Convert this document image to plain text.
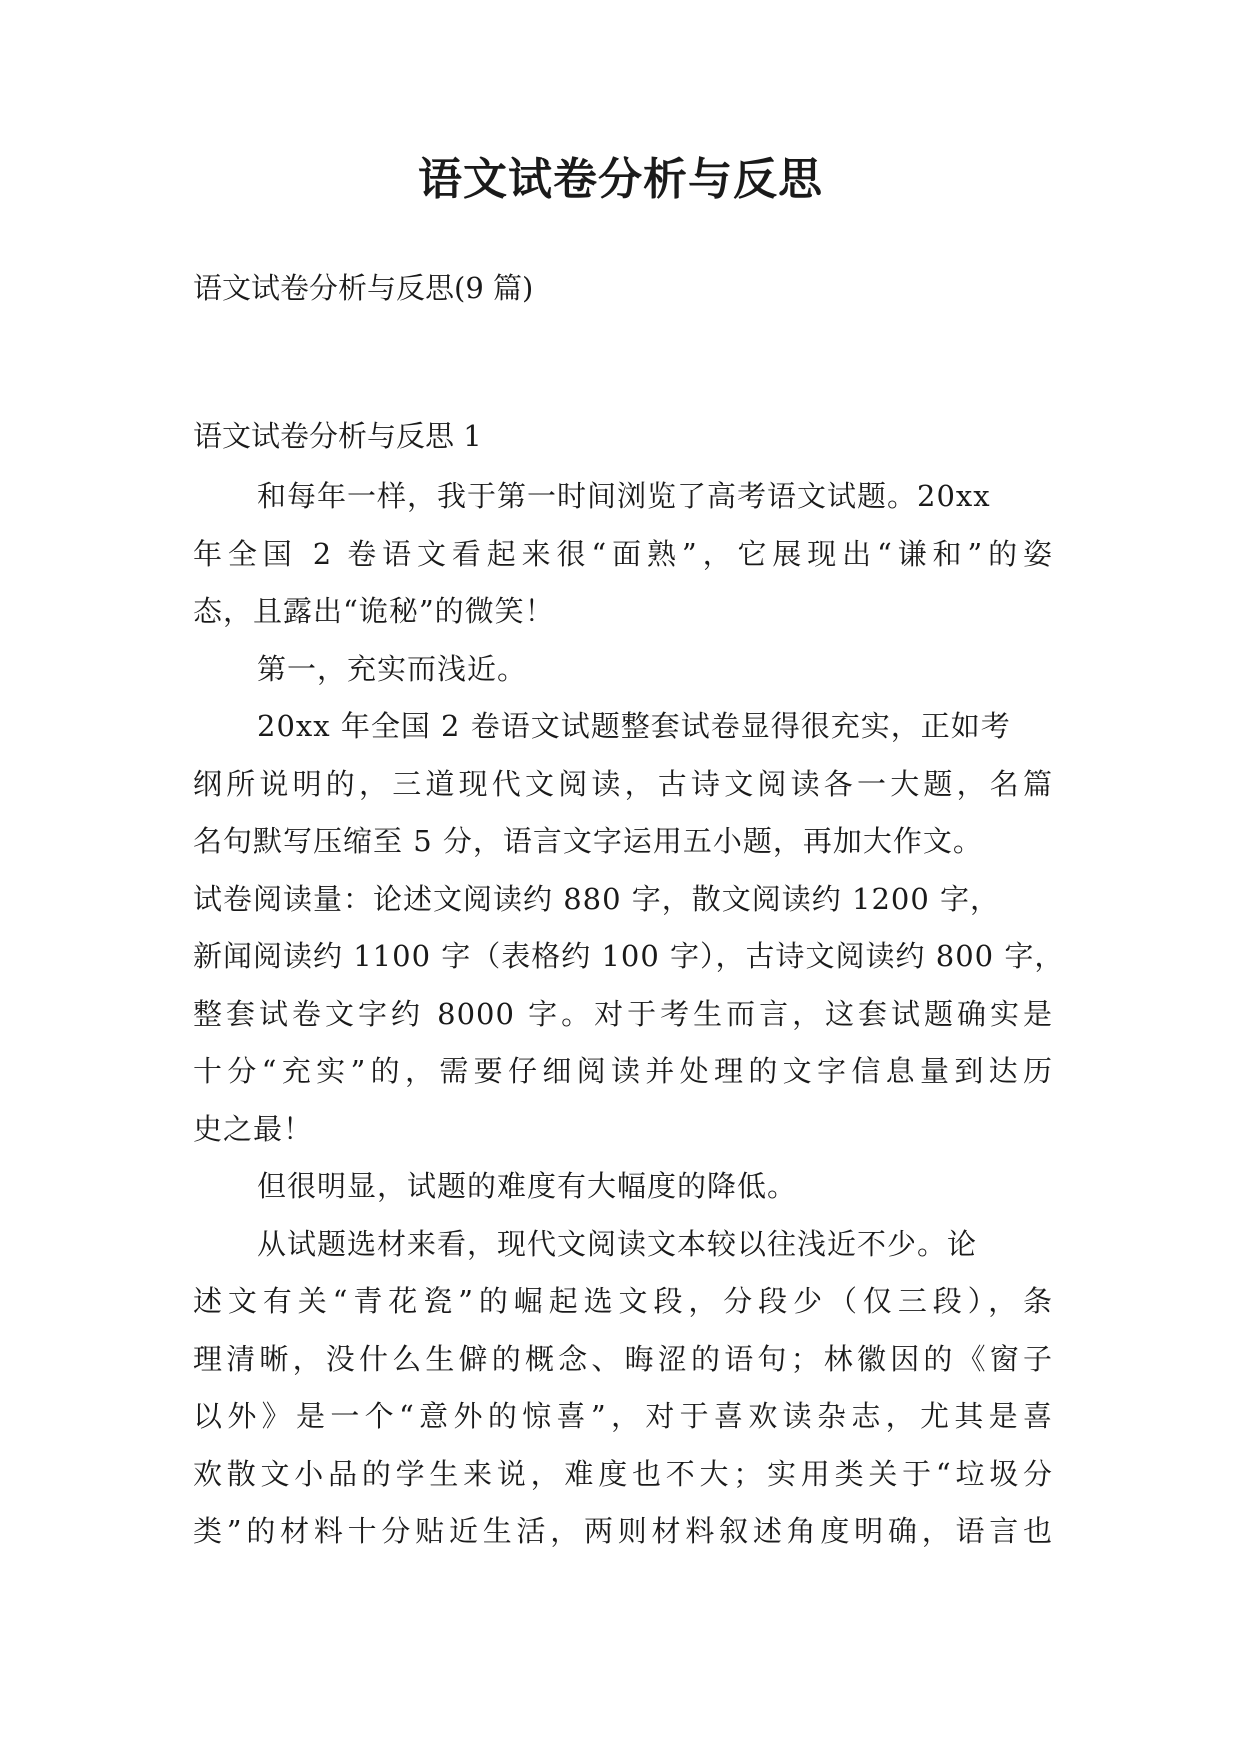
语文试卷分析与反思

语文试卷分析与反思(9 篇)

语文试卷分析与反思 1

和每年一样，我于第一时间浏览了高考语文试题。20xx

年全国 2 卷语文看起来很“面熟”，它展现出“谦和”的姿

态，且露出“诡秘”的微笑！

第一，充实而浅近。

20xx 年全国 2 卷语文试题整套试卷显得很充实，正如考

纲所说明的，三道现代文阅读，古诗文阅读各一大题，名篇

名句默写压缩至 5 分，语言文字运用五小题，再加大作文。

试卷阅读量：论述文阅读约 880 字，散文阅读约 1200 字，

新闻阅读约 1100 字（表格约 100 字），古诗文阅读约 800 字，

整套试卷文字约 8000 字。对于考生而言，这套试题确实是

十分“充实”的，需要仔细阅读并处理的文字信息量到达历

史之最！

但很明显，试题的难度有大幅度的降低。

从试题选材来看，现代文阅读文本较以往浅近不少。论

述文有关“青花瓷”的崛起选文段，分段少（仅三段），条

理清晰，没什么生僻的概念、晦涩的语句；林徽因的《窗子

以外》是一个“意外的惊喜”，对于喜欢读杂志，尤其是喜

欢散文小品的学生来说，难度也不大；实用类关于“垃圾分

类”的材料十分贴近生活，两则材料叙述角度明确，语言也
